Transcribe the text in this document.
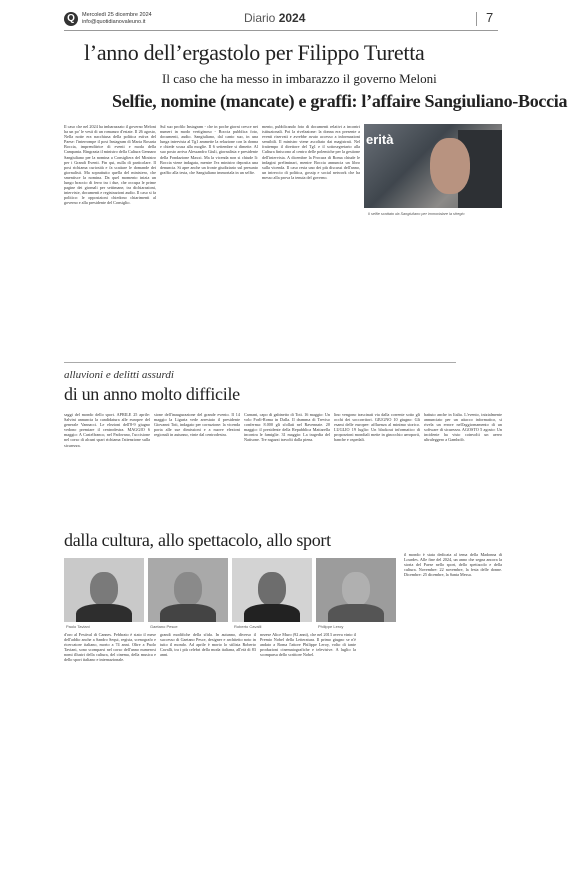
Q	Mercoledì 25 dicembre 2024
info@quotidianovaleuno.it	Diario 2024	7
l’anno dell’ergastolo per Filippo Turetta
Il caso che ha messo in imbarazzo il governo Meloni
Selfie, nomine (mancate) e graffi: l’affaire Sangiuliano-Boccia
Il caso che nel 2024 ha imbarazzato il governo Meloni ha un po' le vesti di un romanzo d'estate. Il 26 agosto, Nella notte era nacchiusa della politica estiva del Paese: l'interrompe il post Instagram di Maria Rosaria Boccia, imprenditrice di eventi e moda della Campania. Ringrazia il ministro della Cultura Gennaro Sangiuliano per la nomina a Consigliera del Ministro per i Grandi Eventi. Fin qui, nulla di particolare. Il post richiama curiosità e fa scattare le domande dei giornalisti. Ma soprattutto quella del ministero, che smentisce la nomina. Da quel momento inizia un lungo braccio di ferro tra i due, che occupa le prime pagine dei giornali per settimane, tra dichiarazioni, interviste, documenti e registrazioni audio. Il caso si fa politico: le opposizioni chiedono chiarimenti al governo e alla presidente del Consiglio.
Sul suo profilo Instagram - che in poche giorni cresce nei numeri in modo vertiginoso - Boccia pubblica foto, documenti, audio. Sangiuliano, dal canto suo, in una lunga intervista al Tg1 ammette la relazione con la donna e chiede scusa alla moglie. Il 6 settembre si dimette. Al suo posto arriva Alessandro Giuli, giornalista e presidente della Fondazione Maxxi. Ma la vicenda non si chiude lì: Boccia viene indagata, mentre l'ex ministro deposita una denuncia. Si apre anche un fronte giudiziario sul presunto graffio alla testa, che Sangiuliano immortala in un selfie.
mento, pubblicando foto di documenti relativi a incontri istituzionali. Poi la rivelazione: la donna era presente a eventi riservati e avrebbe avuto accesso a informazioni sensibili. Il ministro viene ascoltato dai magistrati. Nel frattempo il direttore del Tg1 e il sottosegretario alla Cultura finiscono al centro delle polemiche per la gestione dell'intervista. A dicembre la Procura di Roma chiude le indagini preliminari, mentre Boccia annuncia un libro sulla vicenda. Il caso resta uno dei più discussi dell'anno, un intreccio di politica, gossip e social network che ha messo alla prova la tenuta del governo.
erità
Il selfie scattato da Sangiuliano per immortalare la sfregio
alluvioni e delitti assurdi
di un anno molto difficile
saggi del mondo dello sport. APRILE 25 aprile: Salvini annuncia la candidatura alle europee del generale Vannacci. Le elezioni dell'8-9 giugno vedono premiare il centrodestra. MAGGIO 6 maggio: A Castelfranco, nel Padovano, l'uccisione nel corso di alcuni spari richiama l'attenzione sulla sicurezza.
sione dell'inaugurazione del grande evento. Il 14 maggio la Liguria vede arrestato il presidente Giovanni Toti, indagato per corruzione: la vicenda porta alle sue dimissioni e a nuove elezioni regionali in autunno, vinte dal centrodestra.
Carnani, capo di gabinetto di Toti. 16 maggio: Un volo Forlì-Roma in Dalla. Il dramma di Treviso conferma: 8.000 gli sfollati nel Ravennate. 20 maggio: il presidente della Repubblica Mattarella incontra le famiglie. 31 maggio: La tragedia del Natisone. Tre ragazzi travolti dalla piena.
lino vengono trascinati via dalla corrente sotto gli occhi dei soccorritori. GIUGNO 10 giugno: Gli esami delle europee: affluenza al minimo storico. LUGLIO 19 luglio: Un blackout informatico di proporzioni mondiali mette in ginocchio aeroporti, banche e ospedali.
battuto anche in Italia. L'evento, inizialmente annunciato per un attacco informatico, si rivela un errore nell'aggiornamento di un software di sicurezza. AGOSTO 5 agosto: Un incidente ha visto coinvolti un aereo ultraleggero a Gambolò.
dalla cultura, allo spettacolo, allo sport
Paolo Taviani	Gaetano Pesce	Roberto Cavalli	Philippe Leroy
d'oro al Festival di Cannes. Febbraio è stato il mese dell'addio anche a Sandro Sequi, regista, scenografo e ricercatore italiano, morto a 74 anni. Oltre a Paolo Taviani, sono scomparsi nel corso dell'anno numerosi nomi illustri della cultura, del cinema, della musica e dello sport italiano e internazionale.
grandi modifiche della sfida. In autunno, diverso il successo di Gaetano Pesce, designer e architetto noto in tutto il mondo. Ad aprile è morto lo stilista Roberto Cavalli, tra i più celebri della moda italiana, all'età di 83 anni.
nezese Alice Muro (92 anni), che nel 2013 aveva vinto il Premio Nobel della Letteratura. Il primo giugno se n'è andato a Roma l'attore Philippe Leroy, volto di tante produzioni cinematografiche e televisive. A luglio la scomparsa dello scrittore Nobel.
il mondo è stata dedicata al tema della Madonna di Lourdes. Alle fine del 2024, un anno che segna ancora la storia del Paese nello sport, dello spettacolo e della cultura. Novembre: 22 novembre, la festa delle donne. Dicembre: 25 dicembre, la Santa Messa.
